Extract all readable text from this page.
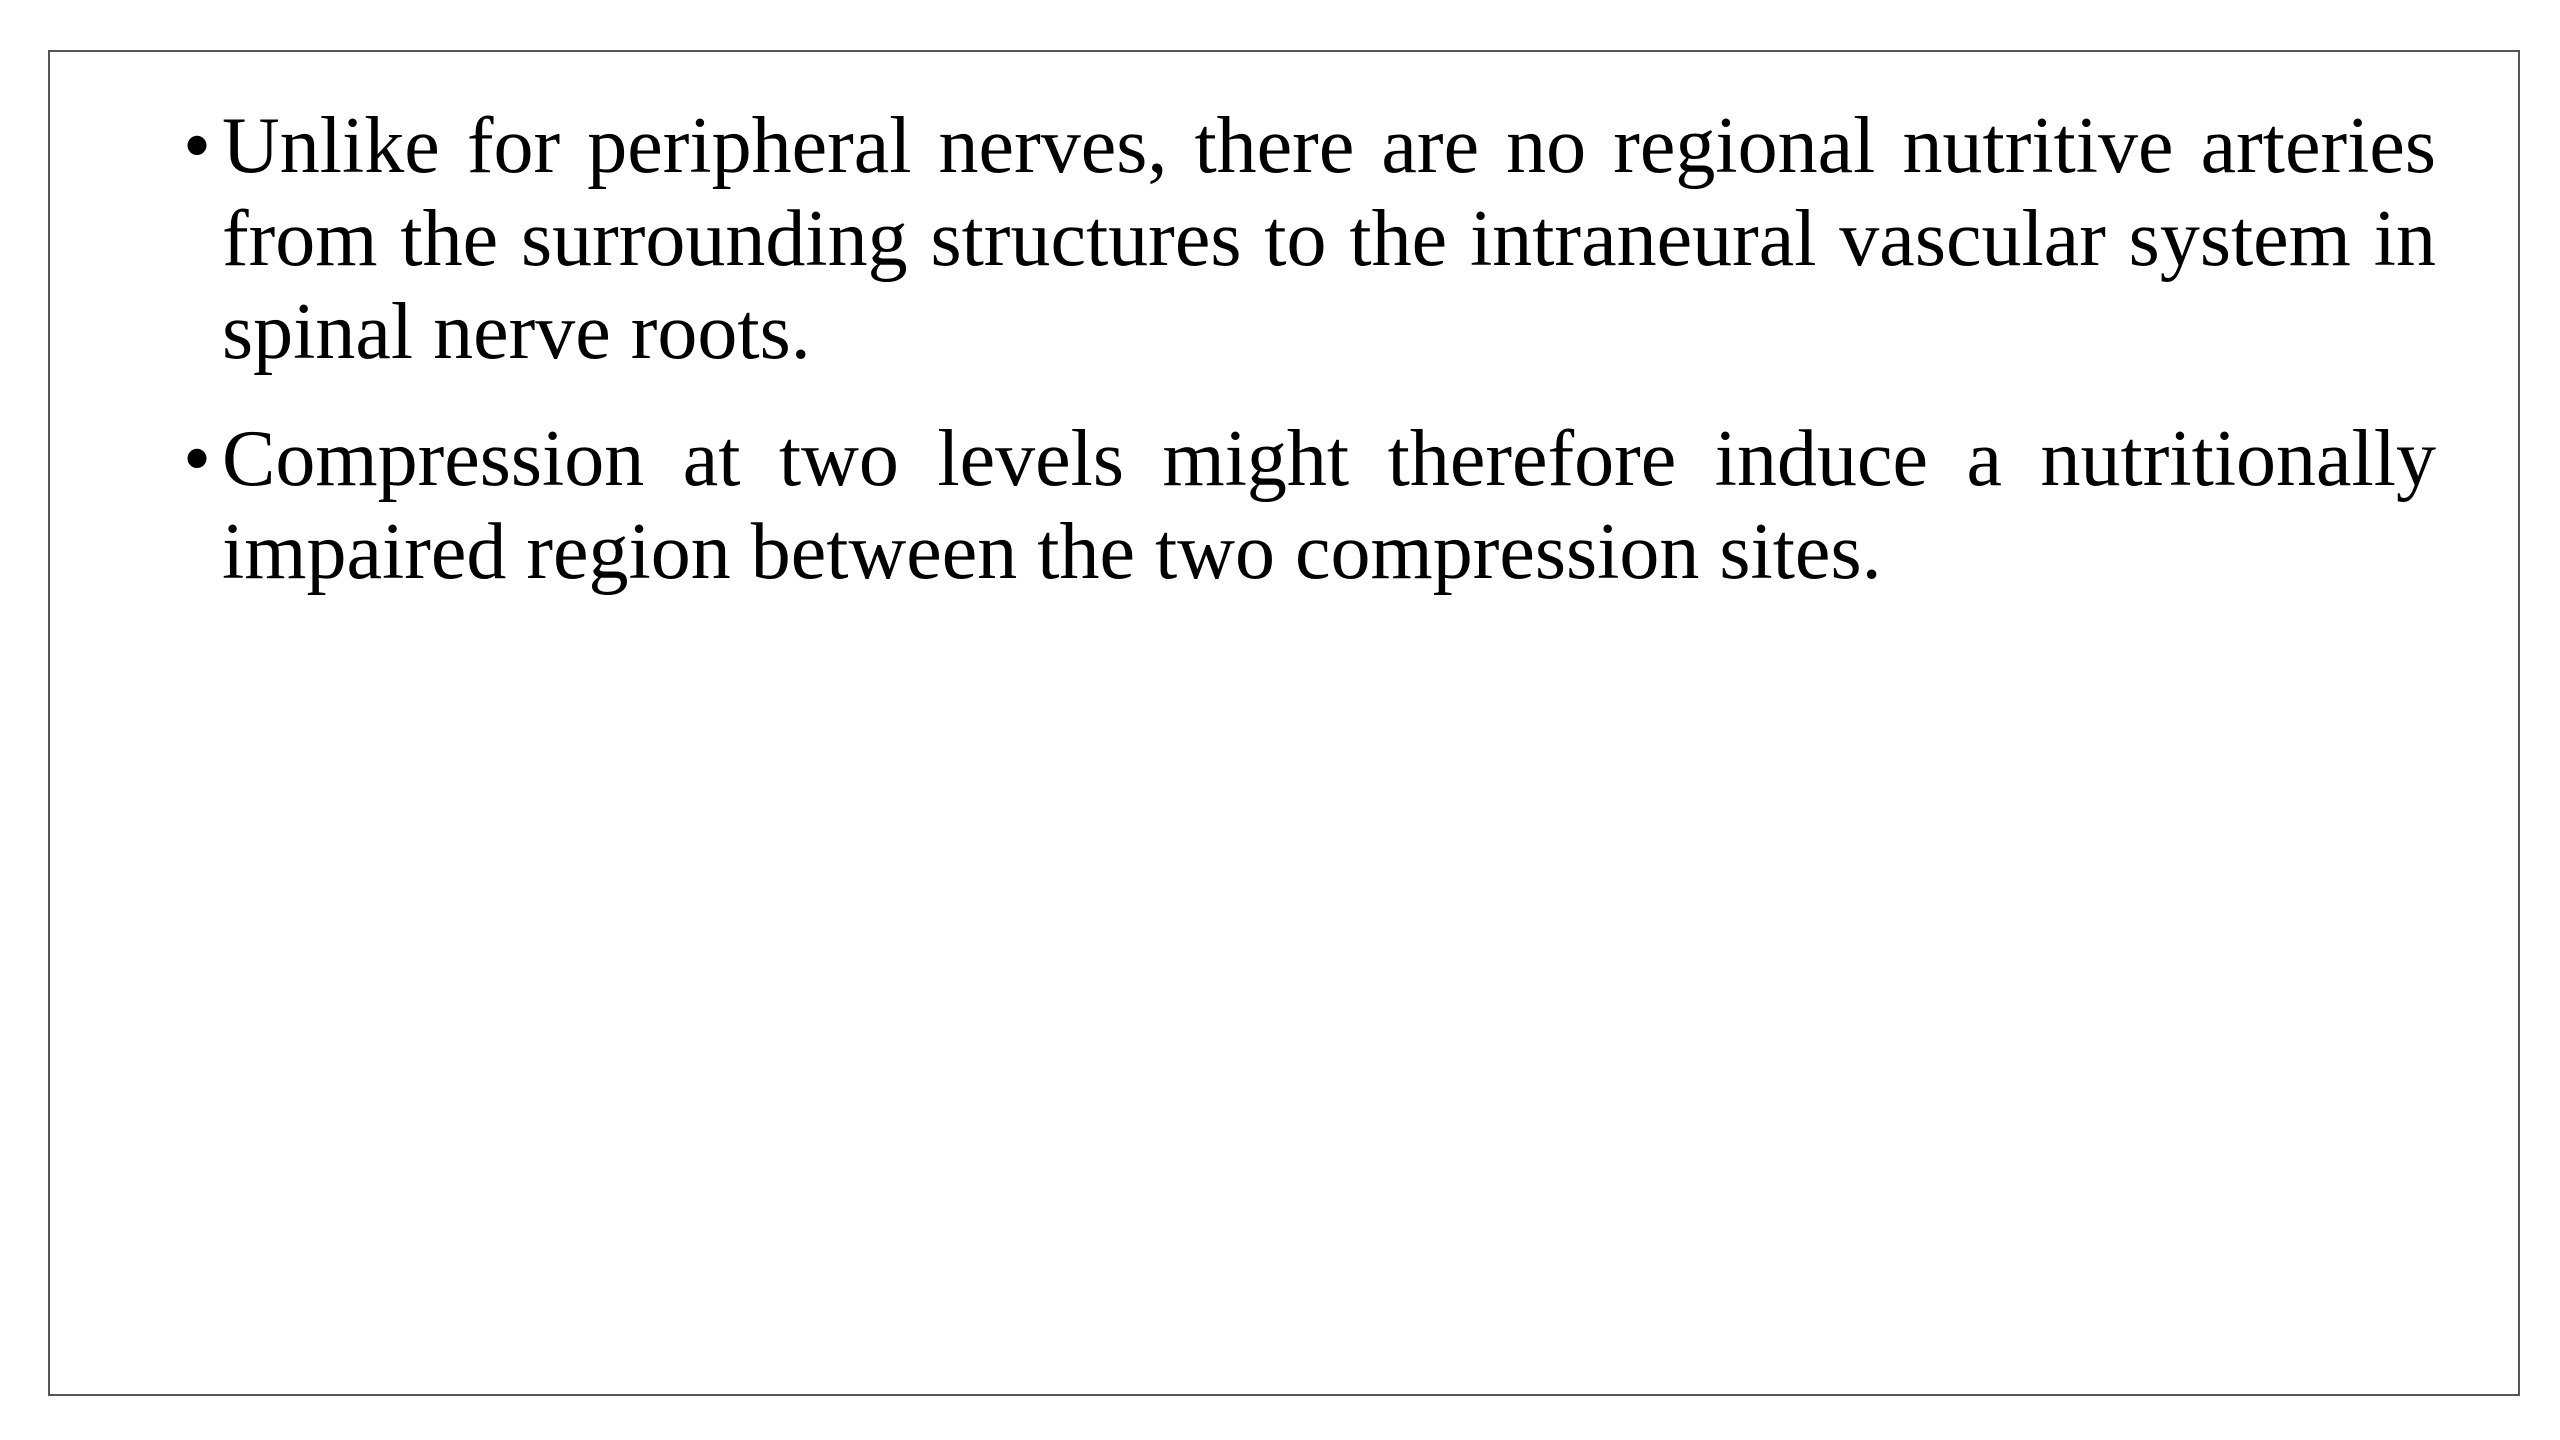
• Unlike for peripheral nerves, there are no regional nutritive arteries from the surrounding structures to the intraneural vascular system in spinal nerve roots.
• Compression at two levels might therefore induce a nutritionally impaired region between the two compression sites.
